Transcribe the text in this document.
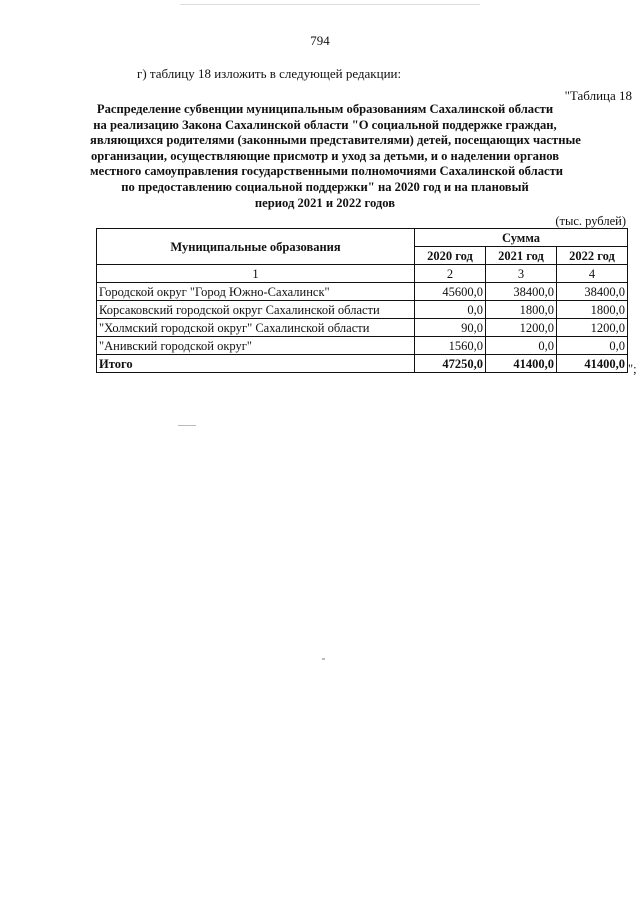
794
г) таблицу 18 изложить в следующей редакции:
"Таблица 18
Распределение субвенции муниципальным образованиям Сахалинской области
на реализацию Закона Сахалинской области "О социальной поддержке граждан,
являющихся родителями (законными представителями) детей, посещающих частные
организации, осуществляющие присмотр и уход за детьми, и о наделении органов
местного самоуправления государственными полномочиями Сахалинской области
по предоставлению социальной поддержки" на 2020 год и на плановый
период 2021 и 2022 годов
(тыс. рублей)
Муниципальные образования	Сумма		
	2020 год	2021 год	2022 год
1	2	3	4
Городской округ "Город Южно-Сахалинск"	45600,0	38400,0	38400,0
Корсаковский городской округ Сахалинской области	0,0	1800,0	1800,0
"Холмский городской округ" Сахалинской области	90,0	1200,0	1200,0
"Анивский городской округ"	1560,0	0,0	0,0
Итого	47250,0	41400,0	41400,0 ";
